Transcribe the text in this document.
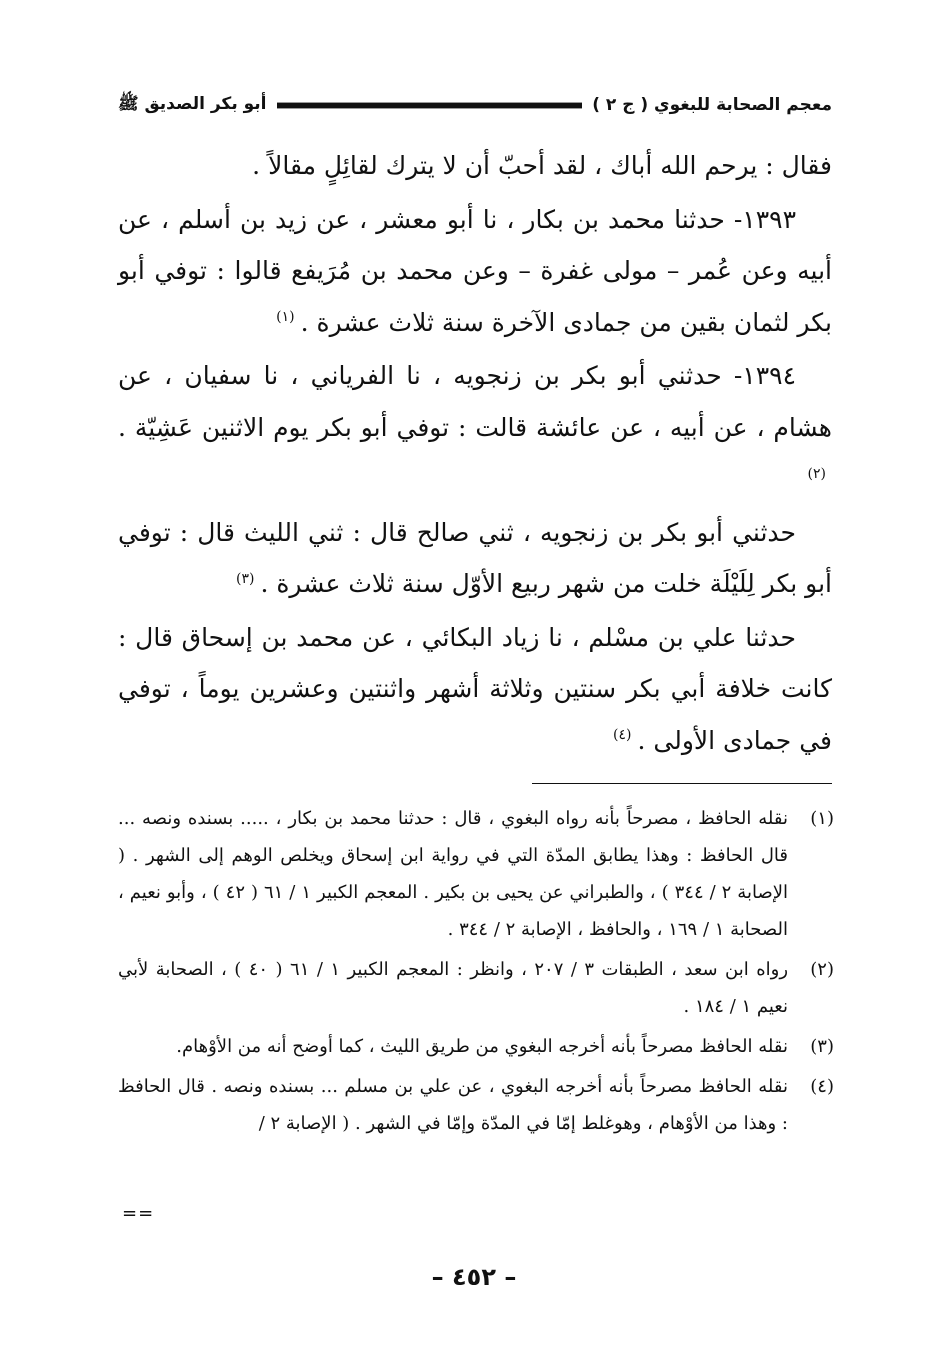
معجم الصحابة للبغوي ( ج ٢ )
أبو بكر الصديق ﷺ

فقال : يرحم الله أباك ، لقد أحبّ أن لا يترك لقائِلٍ مقالاً .

١٣٩٣- حدثنا محمد بن بكار ، نا أبو معشر ، عن زيد بن أسلم ، عن أبيه وعن عُمر – مولى غفرة – وعن محمد بن مُرَيفع قالوا : توفي أبو بكر لثمان بقين من جمادى الآخرة سنة ثلاث عشرة .$^{(١)}$

١٣٩٤- حدثني أبو بكر بن زنجويه ، نا الفرياني ، نا سفيان ، عن هشام ، عن أبيه ، عن عائشة قالت : توفي أبو بكر يوم الاثنين عَشِيّة .$^{(٢)}$

حدثني أبو بكر بن زنجويه ، ثني صالح قال : ثني الليث قال : توفي أبو بكر لِلَيْلَة خلت من شهر ربيع الأوّل سنة ثلاث عشرة .$^{(٣)}$

حدثنا علي بن مسْلم ، نا زياد البكائي ، عن محمد بن إسحاق قال : كانت خلافة أبي بكر سنتين وثلاثة أشهر واثنتين وعشرين يوماً ، توفي في جمادى الأولى .$^{(٤)}$

(١)
نقله الحافظ ، مصرحاً بأنه رواه البغوي ، قال : حدثنا محمد بن بكار ، ..... بسنده ونصه ... قال الحافظ : وهذا يطابق المدّة التي في رواية ابن إسحاق ويخلص الوهم إلى الشهر . ( الإصابة ٢ / ٣٤٤ ) ، والطبراني عن يحيى بن بكير . المعجم الكبير ١ / ٦١ ( ٤٢ ) ، وأبو نعيم ، الصحابة ١ / ١٦٩ ، والحافظ ، الإصابة ٢ / ٣٤٤ .
(٢)
رواه ابن سعد ، الطبقات ٣ / ٢٠٧ ، وانظر : المعجم الكبير ١ / ٦١ ( ٤٠ ) ، الصحابة لأبي نعيم ١ / ١٨٤ .
(٣)
نقله الحافظ مصرحاً بأنه أخرجه البغوي من طريق الليث ، كما أوضح أنه من الأوْهام.
(٤)
نقله الحافظ مصرحاً بأنه أخرجه البغوي ، عن علي بن مسلم ... بسنده ونصه . قال الحافظ : وهذا من الأوْهام ، وهوغلط إمّا في المدّة وإمّا في الشهر . ( الإصابة ٢ /
==
– ٤٥٢ –
